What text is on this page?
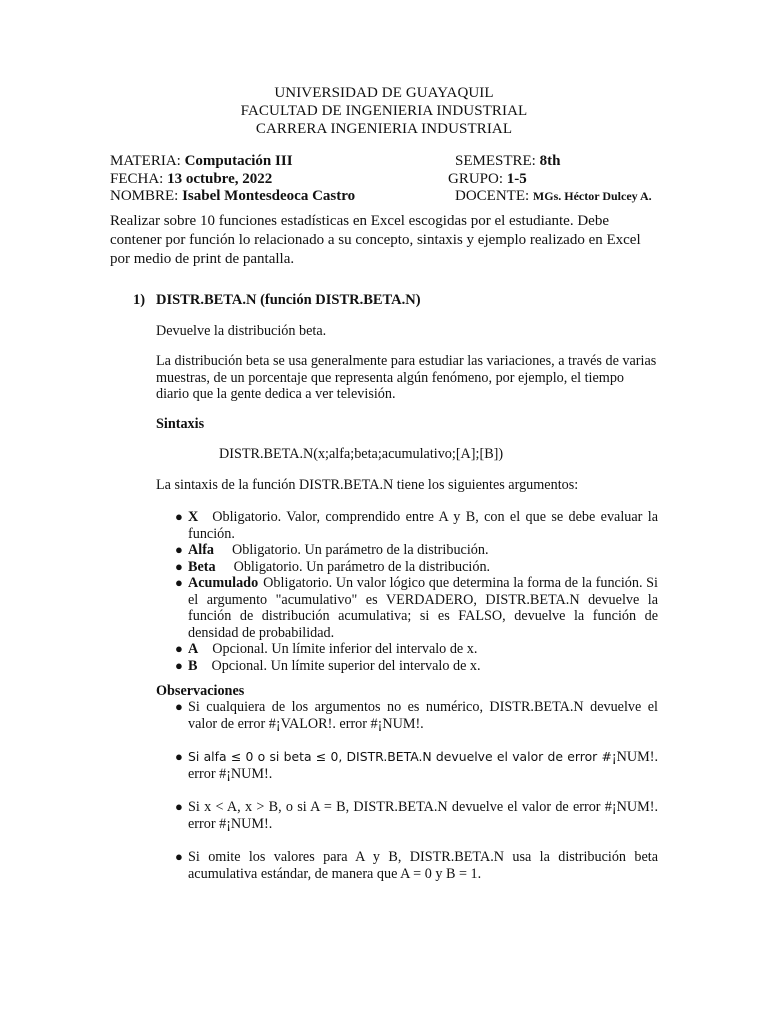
UNIVERSIDAD DE GUAYAQUIL
FACULTAD DE INGENIERIA INDUSTRIAL
CARRERA INGENIERIA INDUSTRIAL
MATERIA: Computación III	SEMESTRE: 8th
FECHA: 13 octubre, 2022	GRUPO: 1-5
NOMBRE: Isabel Montesdeoca Castro	DOCENTE: MGs. Héctor Dulcey A.
Realizar sobre 10 funciones estadísticas en Excel escogidas por el estudiante. Debe contener por función lo relacionado a su concepto, sintaxis y ejemplo realizado en Excel por medio de print de pantalla.
1) DISTR.BETA.N (función DISTR.BETA.N)
Devuelve la distribución beta.
La distribución beta se usa generalmente para estudiar las variaciones, a través de varias muestras, de un porcentaje que representa algún fenómeno, por ejemplo, el tiempo diario que la gente dedica a ver televisión.
Sintaxis
DISTR.BETA.N(x;alfa;beta;acumulativo;[A];[B])
La sintaxis de la función DISTR.BETA.N tiene los siguientes argumentos:
● X Obligatorio. Valor, comprendido entre A y B, con el que se debe evaluar la función.
● Alfa Obligatorio. Un parámetro de la distribución.
● Beta Obligatorio. Un parámetro de la distribución.
● Acumulado Obligatorio. Un valor lógico que determina la forma de la función. Si el argumento "acumulativo" es VERDADERO, DISTR.BETA.N devuelve la función de distribución acumulativa; si es FALSO, devuelve la función de densidad de probabilidad.
● A Opcional. Un límite inferior del intervalo de x.
● B Opcional. Un límite superior del intervalo de x.
Observaciones
● Si cualquiera de los argumentos no es numérico, DISTR.BETA.N devuelve el valor de error #¡VALOR!. error #¡NUM!.
● Si alfa ≤ 0 o si beta ≤ 0, DISTR.BETA.N devuelve el valor de error #¡NUM!. error #¡NUM!.
● Si x < A, x > B, o si A = B, DISTR.BETA.N devuelve el valor de error #¡NUM!. error #¡NUM!.
● Si omite los valores para A y B, DISTR.BETA.N usa la distribución beta acumulativa estándar, de manera que A = 0 y B = 1.
